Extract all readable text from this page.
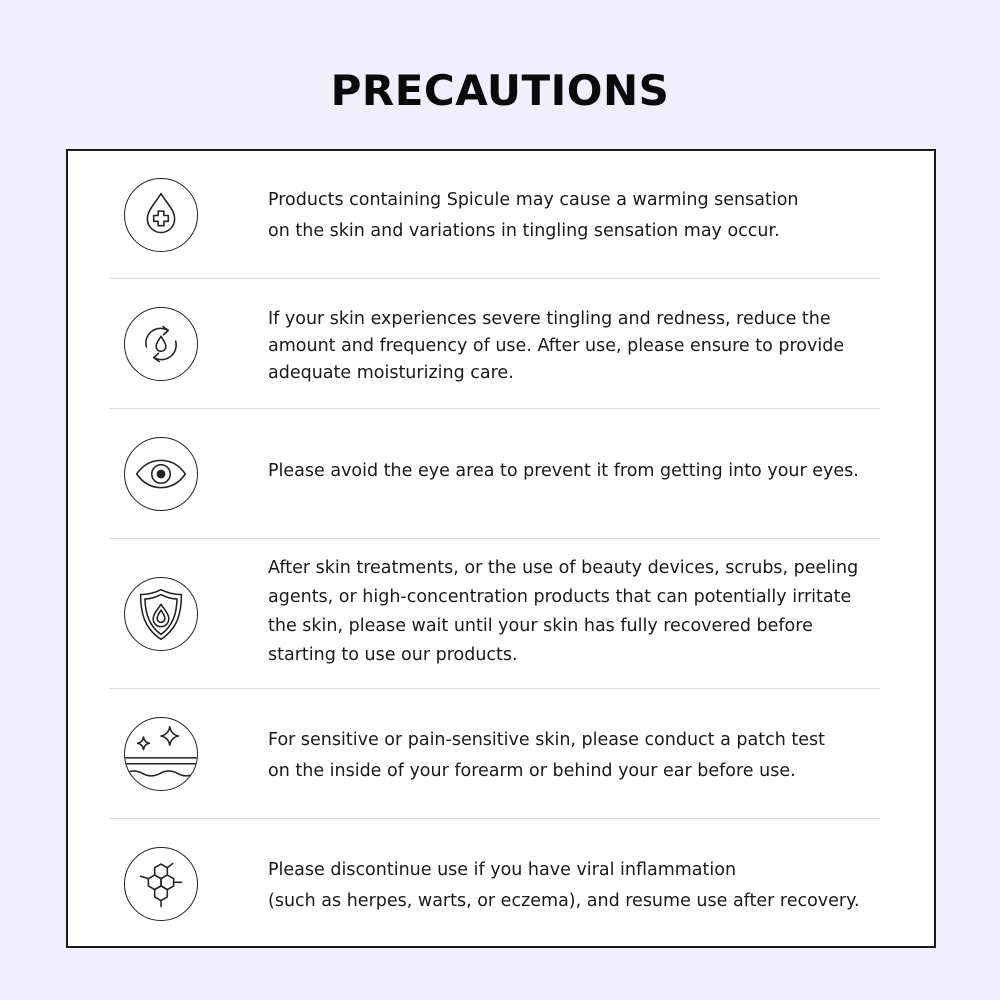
PRECAUTIONS
Products containing Spicule may cause a warming sensation
on the skin and variations in tingling sensation may occur.
If your skin experiences severe tingling and redness, reduce the
amount and frequency of use. After use, please ensure to provide
adequate moisturizing care.
Please avoid the eye area to prevent it from getting into your eyes.
After skin treatments, or the use of beauty devices, scrubs, peeling
agents, or high-concentration products that can potentially irritate
the skin, please wait until your skin has fully recovered before
starting to use our products.
For sensitive or pain-sensitive skin, please conduct a patch test
on the inside of your forearm or behind your ear before use.
Please discontinue use if you have viral inflammation
(such as herpes, warts, or eczema), and resume use after recovery.
